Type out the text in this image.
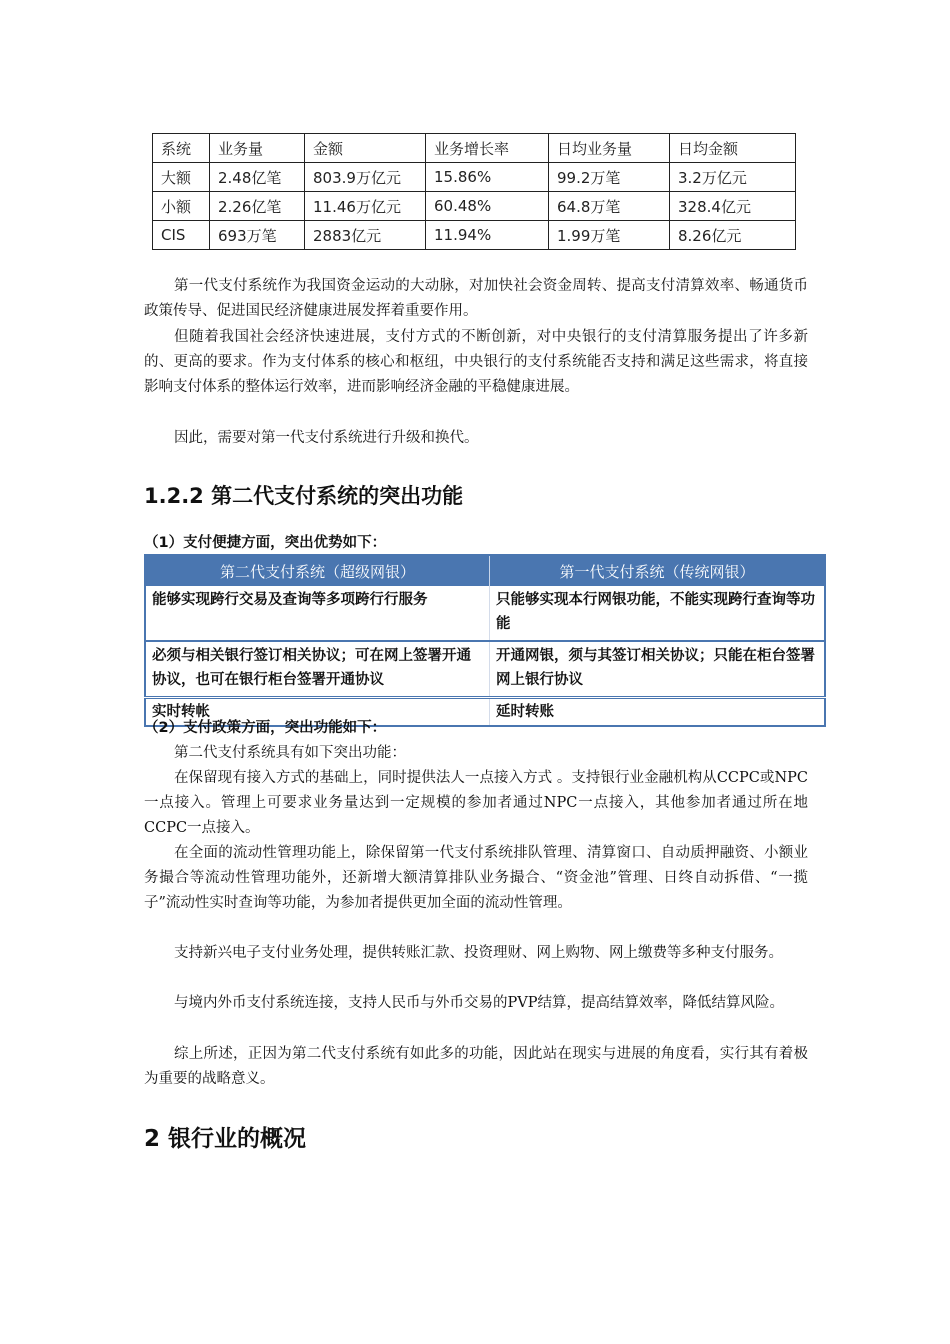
系统	业务量	金额	业务增长率	日均业务量	日均金额
大额	2.48亿笔	803.9万亿元	15.86%	99.2万笔	3.2万亿元
小额	2.26亿笔	11.46万亿元	60.48%	64.8万笔	328.4亿元
CIS	693万笔	2883亿元	11.94%	1.99万笔	8.26亿元

第一代支付系统作为我国资金运动的大动脉，对加快社会资金周转、提高支付清算效率、畅通货币政策传导、促进国民经济健康进展发挥着重要作用。

但随着我国社会经济快速进展，支付方式的不断创新，对中央银行的支付清算服务提出了许多新的、更高的要求。作为支付体系的核心和枢纽，中央银行的支付系统能否支持和满足这些需求，将直接影响支付体系的整体运行效率，进而影响经济金融的平稳健康进展。

因此，需要对第一代支付系统进行升级和换代。

1.2.2 第二代支付系统的突出功能

（1）支付便捷方面，突出优势如下：

第二代支付系统（超级网银）	第一代支付系统（传统网银）
能够实现跨行交易及查询等多项跨行行服务	只能够实现本行网银功能，不能实现跨行查询等功能
必须与相关银行签订相关协议；可在网上签署开通协议，也可在银行柜台签署开通协议	开通网银，须与其签订相关协议；只能在柜台签署网上银行协议
实时转帐	延时转账

（2）支付政策方面，突出功能如下：

第二代支付系统具有如下突出功能：

在保留现有接入方式的基础上，同时提供法人一点接入方式 。支持银行业金融机构从CCPC或NPC一点接入。管理上可要求业务量达到一定规模的参加者通过NPC一点接入，其他参加者通过所在地CCPC一点接入。

在全面的流动性管理功能上，除保留第一代支付系统排队管理、清算窗口、自动质押融资、小额业务撮合等流动性管理功能外，还新增大额清算排队业务撮合、“资金池”管理、日终自动拆借、“一揽子”流动性实时查询等功能，为参加者提供更加全面的流动性管理。

支持新兴电子支付业务处理，提供转账汇款、投资理财、网上购物、网上缴费等多种支付服务。

与境内外币支付系统连接，支持人民币与外币交易的PVP结算，提高结算效率，降低结算风险。

综上所述，正因为第二代支付系统有如此多的功能，因此站在现实与进展的角度看，实行其有着极为重要的战略意义。

2 银行业的概况
